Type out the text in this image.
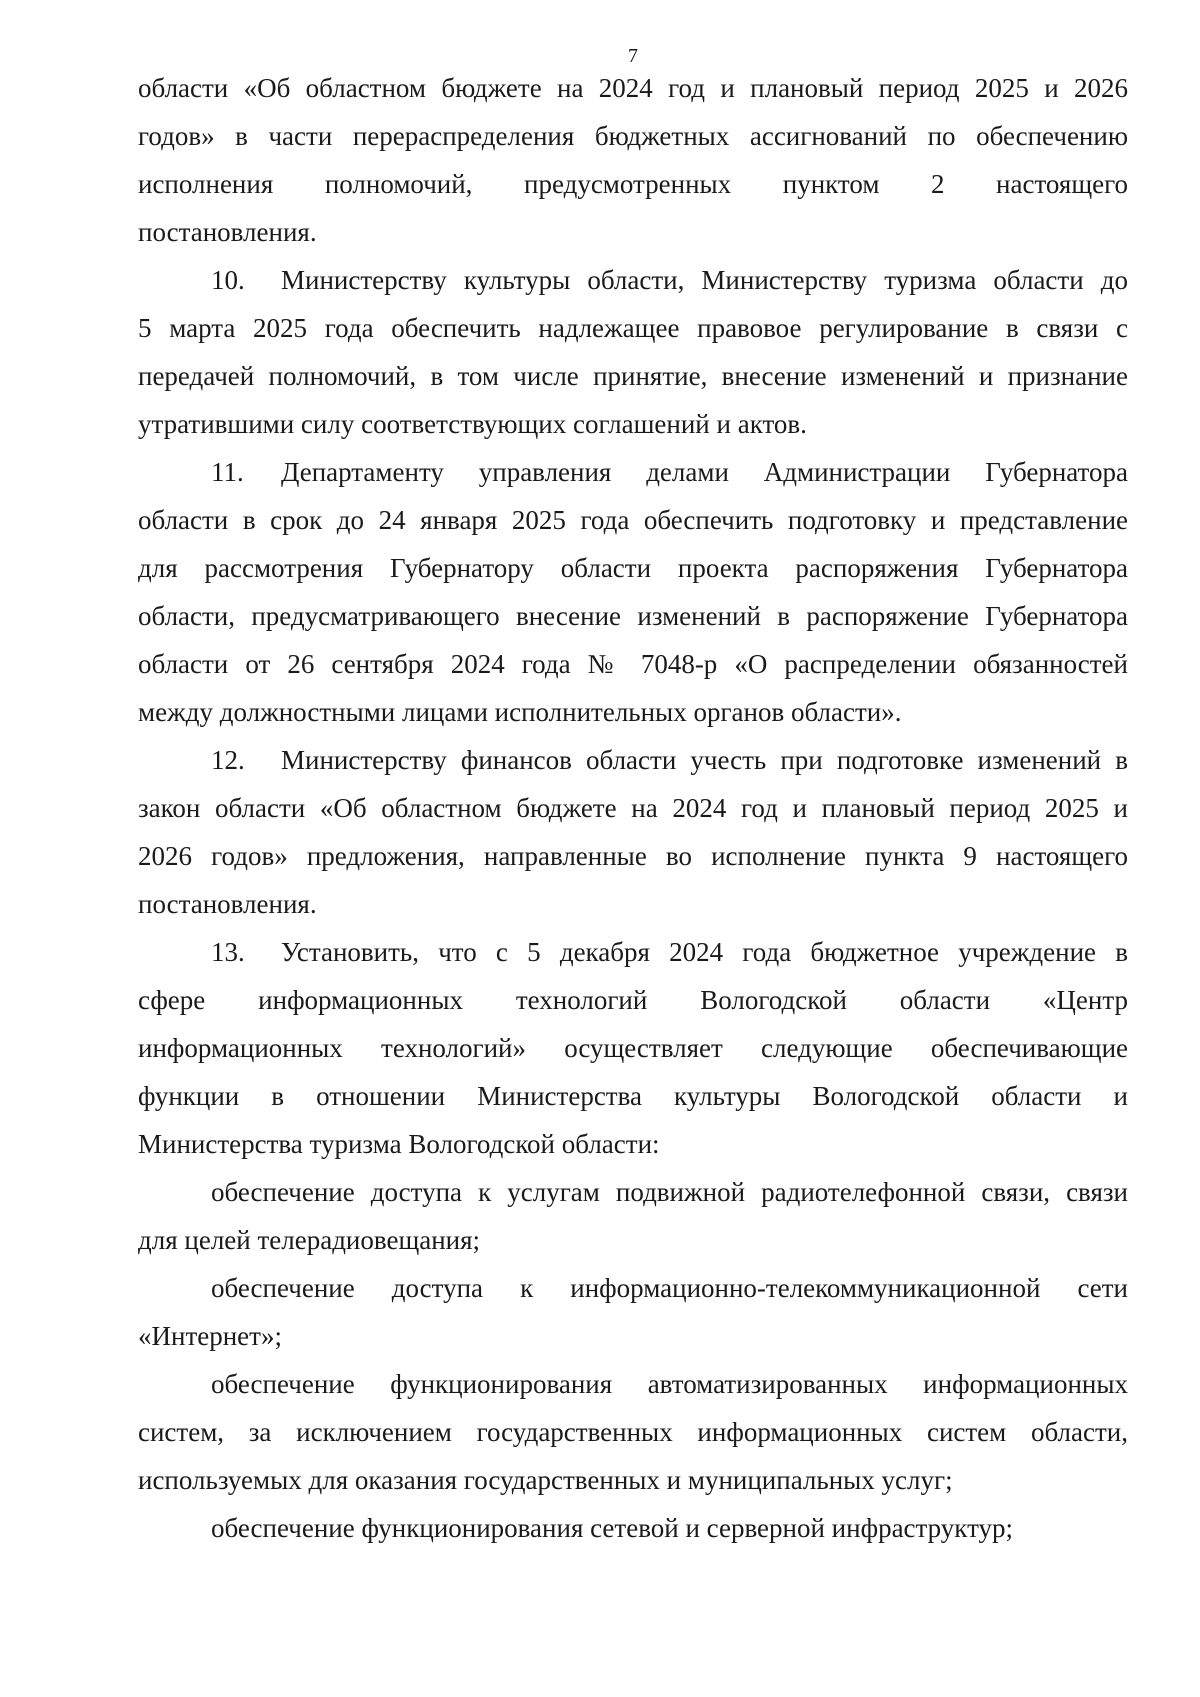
7

области «Об областном бюджете на 2024 год и плановый период 2025 и 2026
годов» в части перераспределения бюджетных ассигнований по обеспечению
исполнения полномочий, предусмотренных пунктом 2 настоящего
постановления.

10. Министерству культуры области, Министерству туризма области до
5 марта 2025 года обеспечить надлежащее правовое регулирование в связи с
передачей полномочий, в том числе принятие, внесение изменений и признание
утратившими силу соответствующих соглашений и актов.

11. Департаменту управления делами Администрации Губернатора
области в срок до 24 января 2025 года обеспечить подготовку и представление
для рассмотрения Губернатору области проекта распоряжения Губернатора
области, предусматривающего внесение изменений в распоряжение Губернатора
области от 26 сентября 2024 года № 7048-р «О распределении обязанностей
между должностными лицами исполнительных органов области».

12. Министерству финансов области учесть при подготовке изменений в
закон области «Об областном бюджете на 2024 год и плановый период 2025 и
2026 годов» предложения, направленные во исполнение пункта 9 настоящего
постановления.

13. Установить, что с 5 декабря 2024 года бюджетное учреждение в
сфере информационных технологий Вологодской области «Центр
информационных технологий» осуществляет следующие обеспечивающие
функции в отношении Министерства культуры Вологодской области и
Министерства туризма Вологодской области:

обеспечение доступа к услугам подвижной радиотелефонной связи, связи
для целей телерадиовещания;

обеспечение доступа к информационно-телекоммуникационной сети
«Интернет»;

обеспечение функционирования автоматизированных информационных
систем, за исключением государственных информационных систем области,
используемых для оказания государственных и муниципальных услуг;

обеспечение функционирования сетевой и серверной инфраструктур;
